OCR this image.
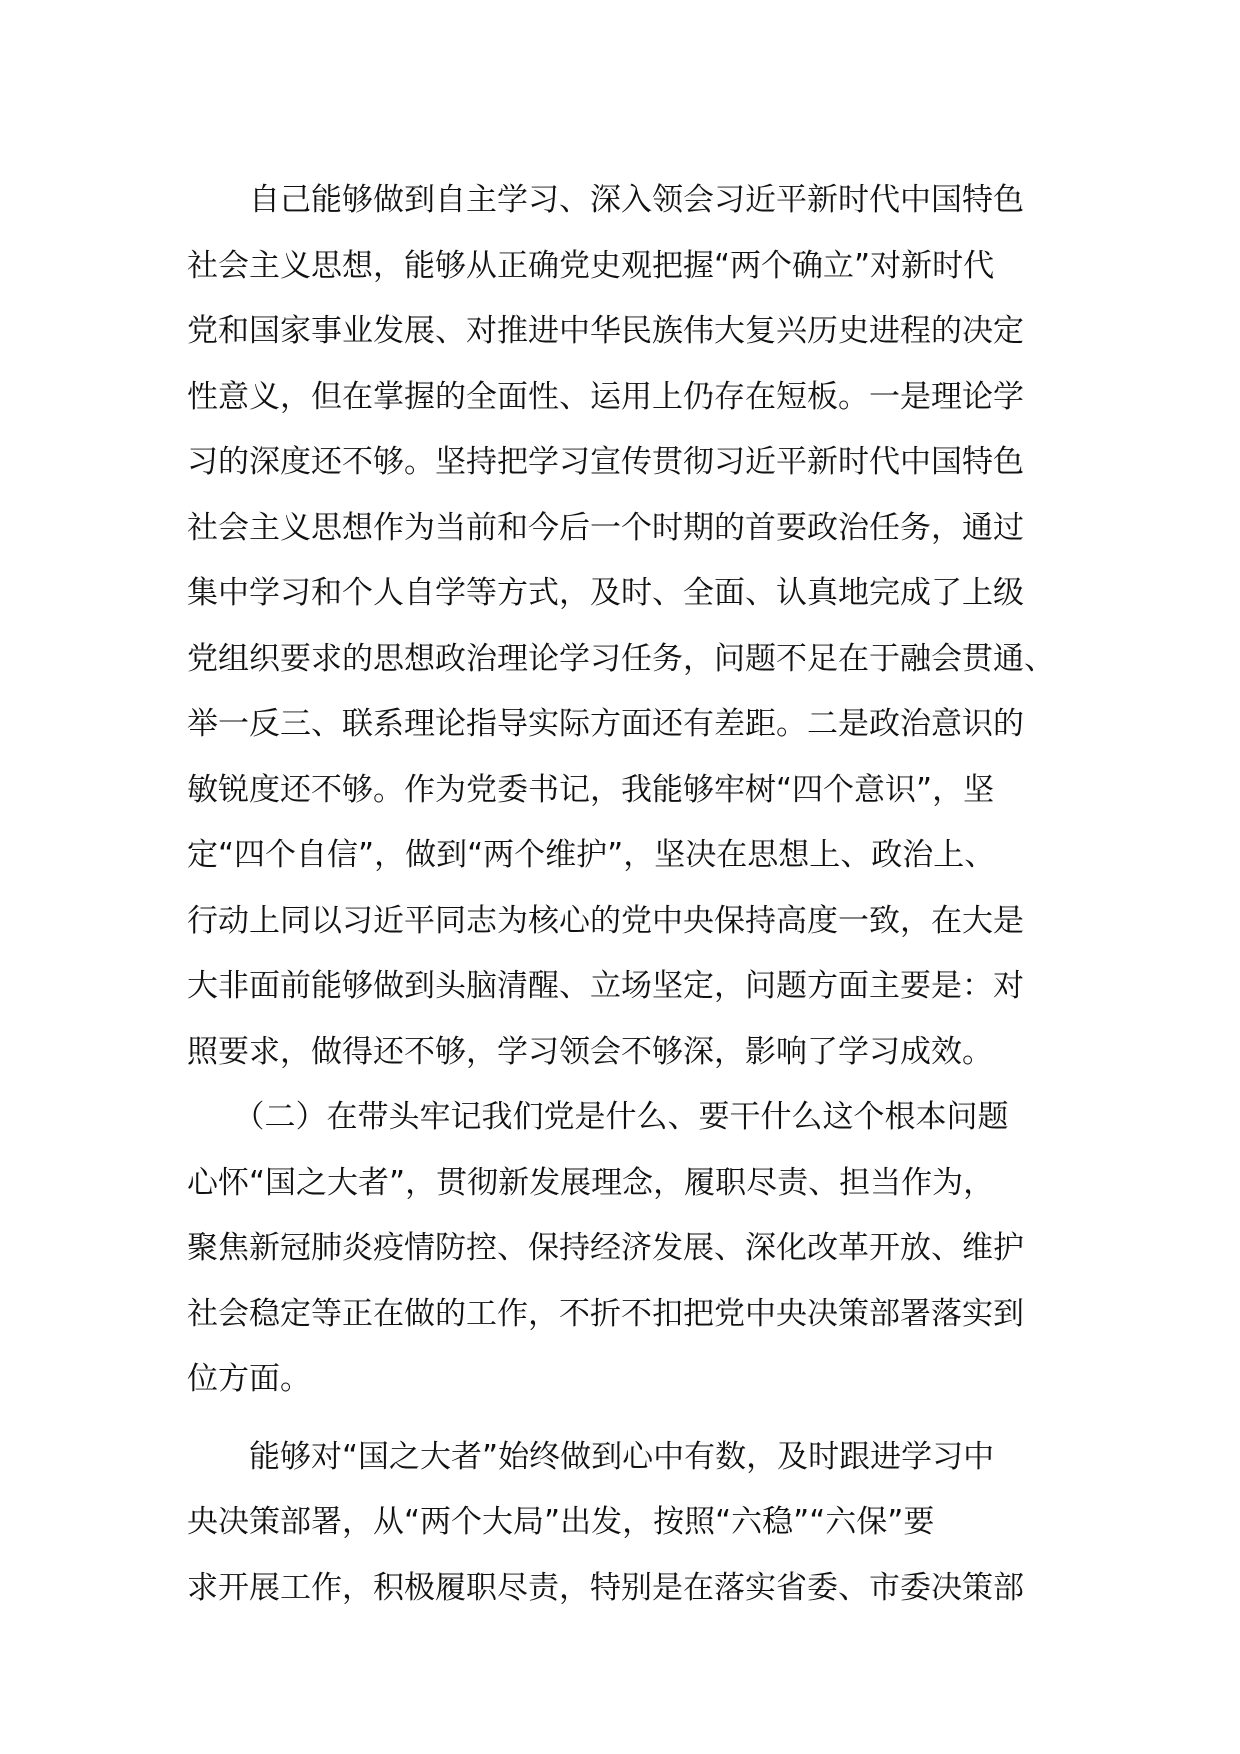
　　自己能够做到自主学习、深入领会习近平新时代中国特色
社会主义思想，能够从正确党史观把握“两个确立”对新时代
党和国家事业发展、对推进中华民族伟大复兴历史进程的决定
性意义，但在掌握的全面性、运用上仍存在短板。一是理论学
习的深度还不够。坚持把学习宣传贯彻习近平新时代中国特色
社会主义思想作为当前和今后一个时期的首要政治任务，通过
集中学习和个人自学等方式，及时、全面、认真地完成了上级
党组织要求的思想政治理论学习任务，问题不足在于融会贯通、
举一反三、联系理论指导实际方面还有差距。二是政治意识的
敏锐度还不够。作为党委书记，我能够牢树“四个意识”，坚
定“四个自信”，做到“两个维护”，坚决在思想上、政治上、
行动上同以习近平同志为核心的党中央保持高度一致，在大是
大非面前能够做到头脑清醒、立场坚定，问题方面主要是：对
照要求，做得还不够，学习领会不够深，影响了学习成效。
　　（二）在带头牢记我们党是什么、要干什么这个根本问题
心怀“国之大者”，贯彻新发展理念，履职尽责、担当作为，
聚焦新冠肺炎疫情防控、保持经济发展、深化改革开放、维护
社会稳定等正在做的工作，不折不扣把党中央决策部署落实到
位方面。
　　能够对“国之大者”始终做到心中有数，及时跟进学习中
央决策部署，从“两个大局”出发，按照“六稳”“六保”要
求开展工作，积极履职尽责，特别是在落实省委、市委决策部
